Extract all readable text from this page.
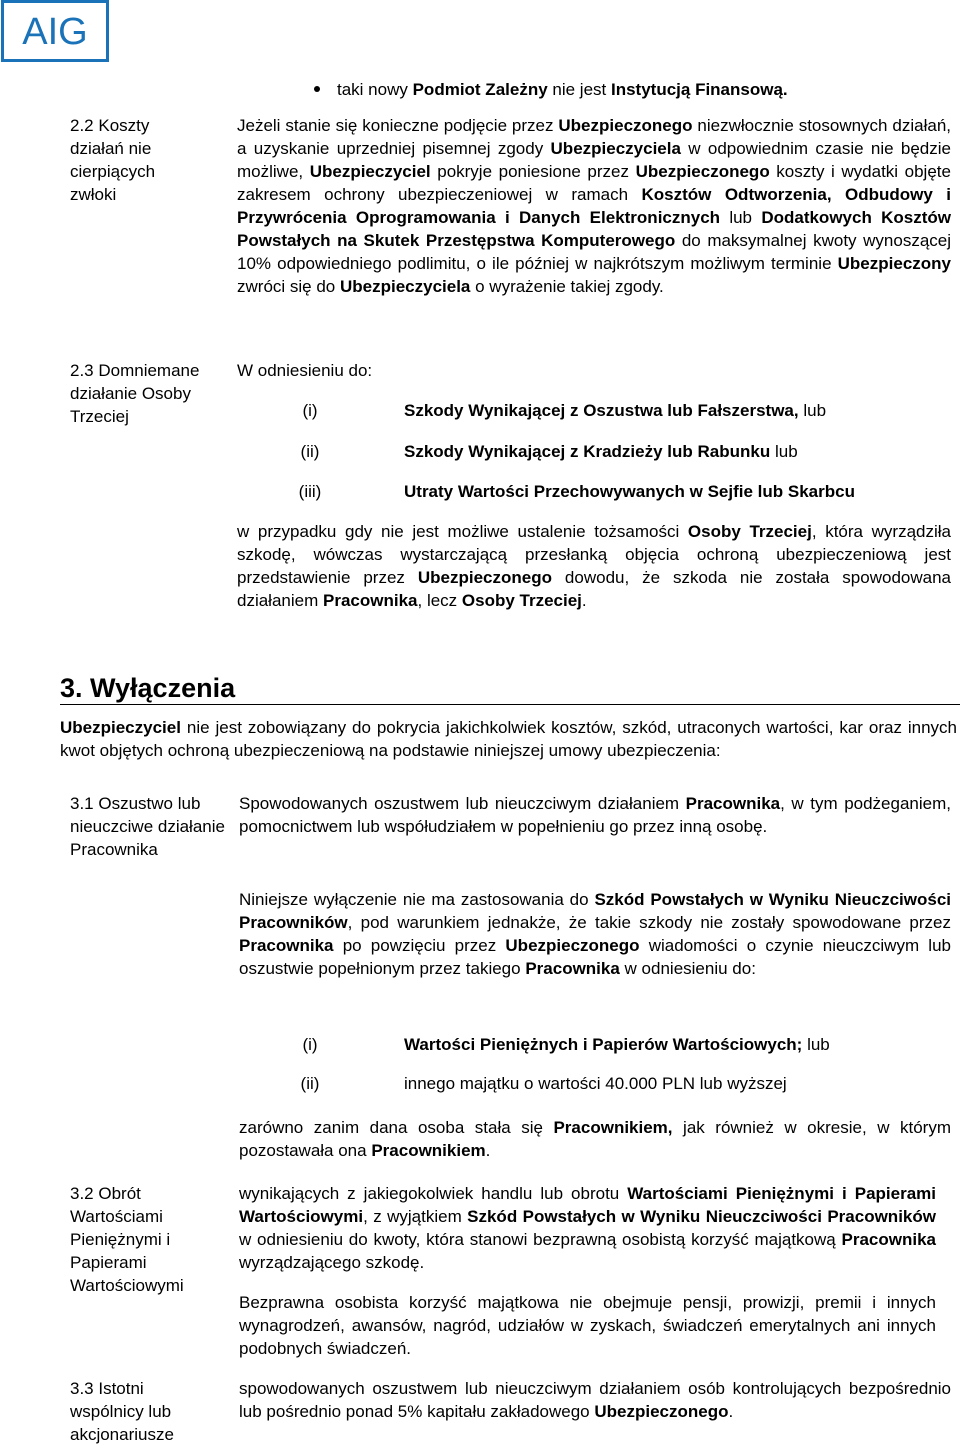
AIG
taki nowy Podmiot Zależny nie jest Instytucją Finansową.
2.2 Koszty działań nie cierpiących zwłoki
Jeżeli stanie się konieczne podjęcie przez Ubezpieczonego niezwłocznie stosownych działań, a uzyskanie uprzedniej pisemnej zgody Ubezpieczyciela w odpowiednim czasie nie będzie możliwe, Ubezpieczyciel pokryje poniesione przez Ubezpieczonego koszty i wydatki objęte zakresem ochrony ubezpieczeniowej w ramach Kosztów Odtworzenia, Odbudowy i Przywrócenia Oprogramowania i Danych Elektronicznych lub Dodatkowych Kosztów Powstałych na Skutek Przestępstwa Komputerowego do maksymalnej kwoty wynoszącej 10% odpowiedniego podlimitu, o ile później w najkrótszym możliwym terminie Ubezpieczony zwróci się do Ubezpieczyciela o wyrażenie takiej zgody.
2.3 Domniemane działanie Osoby Trzeciej
W odniesieniu do:
(i)	Szkody Wynikającej z Oszustwa lub Fałszerstwa, lub
(ii)	Szkody Wynikającej z Kradzieży lub Rabunku lub
(iii)	Utraty Wartości Przechowywanych w Sejfie lub Skarbcu
w przypadku gdy nie jest możliwe ustalenie tożsamości Osoby Trzeciej, która wyrządziła szkodę, wówczas wystarczającą przesłanką objęcia ochroną ubezpieczeniową jest przedstawienie przez Ubezpieczonego dowodu, że szkoda nie została spowodowana działaniem Pracownika, lecz Osoby Trzeciej.
3. Wyłączenia
Ubezpieczyciel nie jest zobowiązany do pokrycia jakichkolwiek kosztów, szkód, utraconych wartości, kar oraz innych kwot objętych ochroną ubezpieczeniową na podstawie niniejszej umowy ubezpieczenia:
3.1 Oszustwo lub nieuczciwe działanie Pracownika
Spowodowanych oszustwem lub nieuczciwym działaniem Pracownika, w tym podżeganiem, pomocnictwem lub współudziałem w popełnieniu go przez inną osobę.
Niniejsze wyłączenie nie ma zastosowania do Szkód Powstałych w Wyniku Nieuczciwości Pracowników, pod warunkiem jednakże, że takie szkody nie zostały spowodowane przez Pracownika po powzięciu przez Ubezpieczonego wiadomości o czynie nieuczciwym lub oszustwie popełnionym przez takiego Pracownika w odniesieniu do:
(i)	Wartości Pieniężnych i Papierów Wartościowych; lub
(ii)	innego majątku o wartości 40.000 PLN lub wyższej
zarówno zanim dana osoba stała się Pracownikiem, jak również w okresie, w którym pozostawała ona Pracownikiem.
3.2 Obrót Wartościami Pieniężnymi i Papierami Wartościowymi
wynikających z jakiegokolwiek handlu lub obrotu Wartościami Pieniężnymi i Papierami Wartościowymi, z wyjątkiem Szkód Powstałych w Wyniku Nieuczciwości Pracowników w odniesieniu do kwoty, która stanowi bezprawną osobistą korzyść majątkową Pracownika wyrządzającego szkodę.
Bezprawna osobista korzyść majątkowa nie obejmuje pensji, prowizji, premii i innych wynagrodzeń, awansów, nagród, udziałów w zyskach, świadczeń emerytalnych ani innych podobnych świadczeń.
3.3 Istotni wspólnicy lub akcjonariusze
spowodowanych oszustwem lub nieuczciwym działaniem osób kontrolujących bezpośrednio lub pośrednio ponad 5% kapitału zakładowego Ubezpieczonego.
